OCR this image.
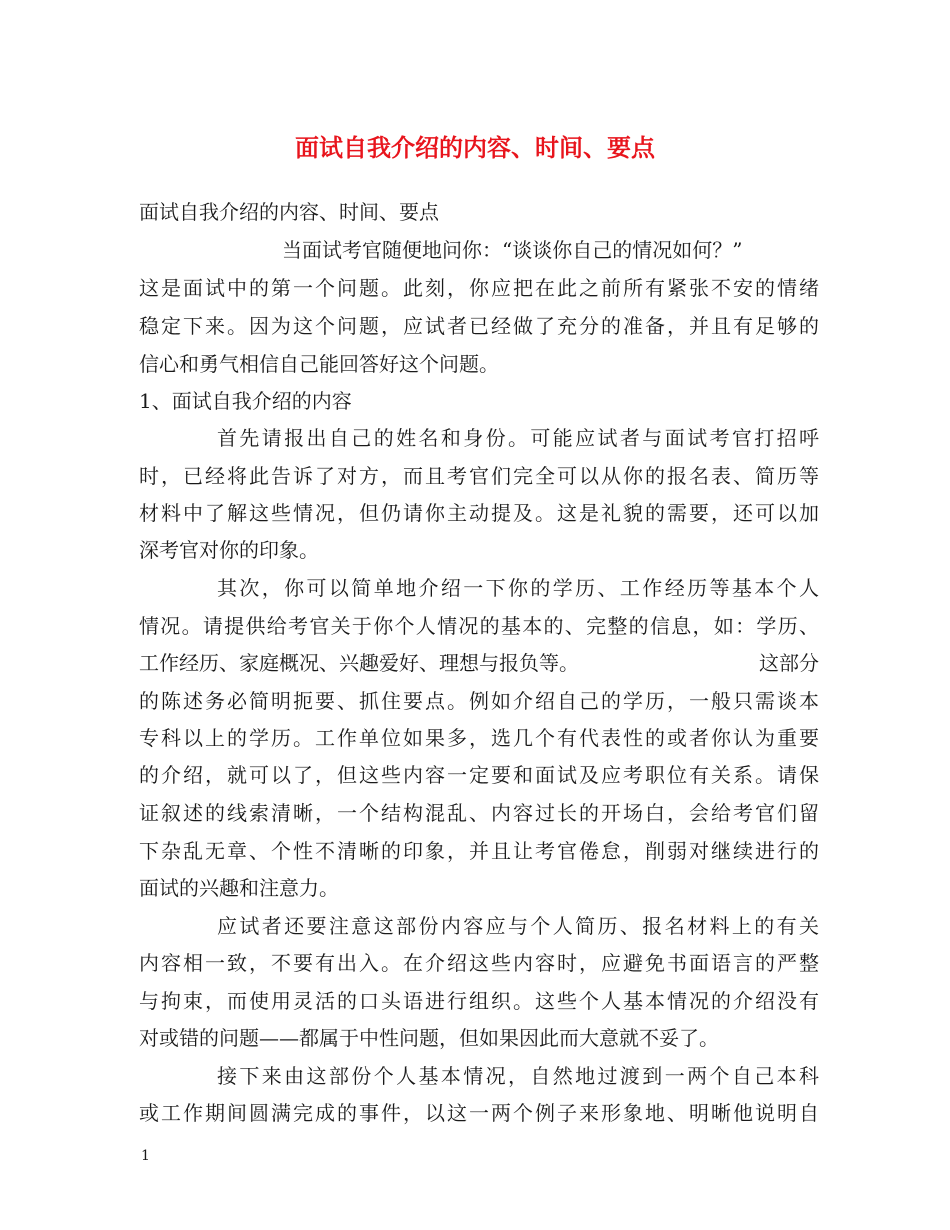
面试自我介绍的内容、时间、要点
面试自我介绍的内容、时间、要点
当面试考官随便地问你：“谈谈你自己的情况如何？”
这是面试中的第一个问题。此刻，你应把在此之前所有紧张不安的情绪
稳定下来。因为这个问题，应试者已经做了充分的准备，并且有足够的
信心和勇气相信自己能回答好这个问题。
1、面试自我介绍的内容
首先请报出自己的姓名和身份。可能应试者与面试考官打招呼
时，已经将此告诉了对方，而且考官们完全可以从你的报名表、简历等
材料中了解这些情况，但仍请你主动提及。这是礼貌的需要，还可以加
深考官对你的印象。
其次，你可以简单地介绍一下你的学历、工作经历等基本个人
情况。请提供给考官关于你个人情况的基本的、完整的信息，如：学历、
工作经历、家庭概况、兴趣爱好、理想与报负等。	这部分
的陈述务必简明扼要、抓住要点。例如介绍自己的学历，一般只需谈本
专科以上的学历。工作单位如果多，选几个有代表性的或者你认为重要
的介绍，就可以了，但这些内容一定要和面试及应考职位有关系。请保
证叙述的线索清晰，一个结构混乱、内容过长的开场白，会给考官们留
下杂乱无章、个性不清晰的印象，并且让考官倦怠，削弱对继续进行的
面试的兴趣和注意力。
应试者还要注意这部份内容应与个人简历、报名材料上的有关
内容相一致，不要有出入。在介绍这些内容时，应避免书面语言的严整
与拘束，而使用灵活的口头语进行组织。这些个人基本情况的介绍没有
对或错的问题——都属于中性问题，但如果因此而大意就不妥了。
接下来由这部份个人基本情况，自然地过渡到一两个自己本科
或工作期间圆满完成的事件，以这一两个例子来形象地、明晰他说明自
1
